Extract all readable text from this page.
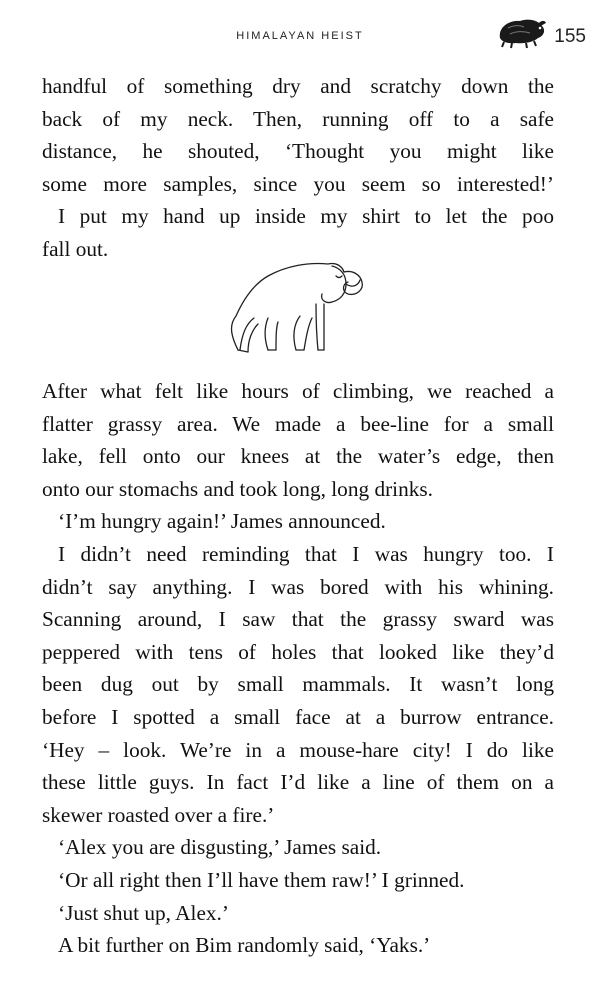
HIMALAYAN HEIST	155
handful of something dry and scratchy down the
back of my neck. Then, running off to a safe
distance, he shouted, ‘Thought you might like
some more samples, since you seem so interested!’
I put my hand up inside my shirt to let the poo
fall out.
After what felt like hours of climbing, we reached a
flatter grassy area. We made a bee-line for a small
lake, fell onto our knees at the water’s edge, then
onto our stomachs and took long, long drinks.
‘I’m hungry again!’ James announced.
I didn’t need reminding that I was hungry too. I
didn’t say anything. I was bored with his whining.
Scanning around, I saw that the grassy sward was
peppered with tens of holes that looked like they’d
been dug out by small mammals. It wasn’t long
before I spotted a small face at a burrow entrance.
‘Hey – look. We’re in a mouse-hare city! I do like
these little guys. In fact I’d like a line of them on a
skewer roasted over a fire.’
‘Alex you are disgusting,’ James said.
‘Or all right then I’ll have them raw!’ I grinned.
‘Just shut up, Alex.’
A bit further on Bim randomly said, ‘Yaks.’
